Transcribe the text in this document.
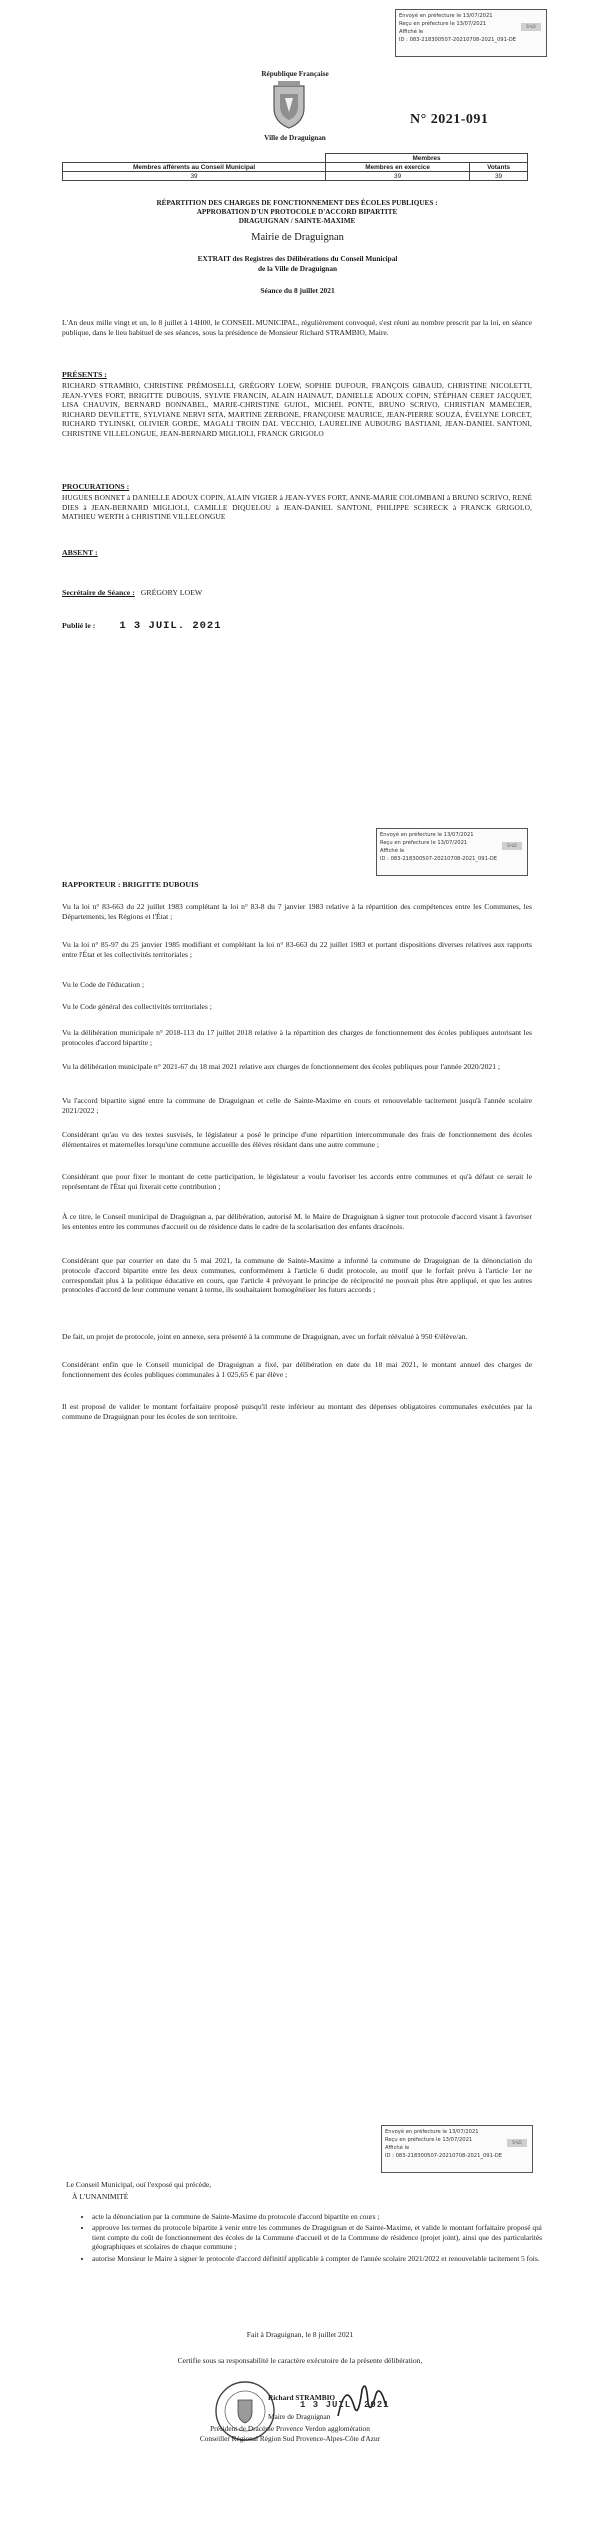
Envoyé en préfecture le 13/07/2021
Reçu en préfecture le 13/07/2021
Affiché le
ID : 083-218300507-20210708-2021_091-DE
S²LO
République Française
Ville de Draguignan
N° 2021-091
	Membres	
Membres afférents au Conseil Municipal	Membres en exercice	Votants
39	39	39
RÉPARTITION DES CHARGES DE FONCTIONNEMENT DES ÉCOLES PUBLIQUES :
APPROBATION D'UN PROTOCOLE D'ACCORD BIPARTITE
DRAGUIGNAN / SAINTE-MAXIME
Mairie de Draguignan
EXTRAIT des Registres des Délibérations du Conseil Municipal
de la Ville de Draguignan
Séance du 8 juillet 2021
L'An deux mille vingt et un, le 8 juillet à 14H00, le CONSEIL MUNICIPAL, régulièrement convoqué, s'est réuni au nombre prescrit par la loi, en séance publique, dans le lieu habituel de ses séances, sous la présidence de Monsieur Richard STRAMBIO, Maire.
PRÉSENTS :
RICHARD STRAMBIO, CHRISTINE PRÉMOSELLI, GRÉGORY LOEW, SOPHIE DUFOUR, FRANÇOIS GIBAUD, CHRISTINE NICOLETTI, JEAN-YVES FORT, BRIGITTE DUBOUIS, SYLVIE FRANCIN, ALAIN HAINAUT, DANIELLE ADOUX COPIN, STÉPHAN CERET JACQUET, LISA CHAUVIN, BERNARD BONNABEL, MARIE-CHRISTINE GUIOL, MICHEL PONTE, BRUNO SCRIVO, CHRISTIAN MAMECIER, RICHARD DEVILETTE, SYLVIANE NERVI SITA, MARTINE ZERBONE, FRANÇOISE MAURICE, JEAN-PIERRE SOUZA, ÉVELYNE LORCET, RICHARD TYLINSKI, OLIVIER GORDE, MAGALI TROIN DAL VECCHIO, LAURELINE AUBOURG BASTIANI, JEAN-DANIEL SANTONI, CHRISTINE VILLELONGUE, JEAN-BERNARD MIGLIOLI, FRANCK GRIGOLO
PROCURATIONS :
HUGUES BONNET à DANIELLE ADOUX COPIN, ALAIN VIGIER à JEAN-YVES FORT, ANNE-MARIE COLOMBANI à BRUNO SCRIVO, RENÉ DIES à JEAN-BERNARD MIGLIOLI, CAMILLE DIQUELOU à JEAN-DANIEL SANTONI, PHILIPPE SCHRECK à FRANCK GRIGOLO, MATHIEU WERTH à CHRISTINE VILLELONGUE
ABSENT :
Secrétaire de Séance : GRÉGORY LOEW
Publié le : 1 3 JUIL. 2021
Envoyé en préfecture le 13/07/2021
Reçu en préfecture le 13/07/2021
Affiché le
ID : 083-218300507-20210708-2021_091-DE
S²LO
RAPPORTEUR : BRIGITTE DUBOUIS
Vu la loi n° 83-663 du 22 juillet 1983 complétant la loi n° 83-8 du 7 janvier 1983 relative à la répartition des compétences entre les Communes, les Départements, les Régions et l'État ;
Vu la loi n° 85-97 du 25 janvier 1985 modifiant et complétant la loi n° 83-663 du 22 juillet 1983 et portant dispositions diverses relatives aux rapports entre l'État et les collectivités territoriales ;
Vu le Code de l'éducation ;
Vu le Code général des collectivités territoriales ;
Vu la délibération municipale n° 2018-113 du 17 juillet 2018 relative à la répartition des charges de fonctionnement des écoles publiques autorisant les protocoles d'accord bipartite ;
Vu la délibération municipale n° 2021-67 du 18 mai 2021 relative aux charges de fonctionnement des écoles publiques pour l'année 2020/2021 ;
Vu l'accord bipartite signé entre la commune de Draguignan et celle de Sainte-Maxime en cours et renouvelable tacitement jusqu'à l'année scolaire 2021/2022 ;
Considérant qu'au vu des textes susvisés, le législateur a posé le principe d'une répartition intercommunale des frais de fonctionnement des écoles élémentaires et maternelles lorsqu'une commune accueille des élèves résidant dans une autre commune ;
Considérant que pour fixer le montant de cette participation, le législateur a voulu favoriser les accords entre communes et qu'à défaut ce serait le représentant de l'État qui fixerait cette contribution ;
À ce titre, le Conseil municipal de Draguignan a, par délibération, autorisé M. le Maire de Draguignan à signer tout protocole d'accord visant à favoriser les ententes entre les communes d'accueil ou de résidence dans le cadre de la scolarisation des enfants dracénois.
Considérant que par courrier en date du 5 mai 2021, la commune de Sainte-Maxime a informé la commune de Draguignan de la dénonciation du protocole d'accord bipartite entre les deux communes, conformément à l'article 6 dudit protocole, au motif que le forfait prévu à l'article 1er ne correspondait plus à la politique éducative en cours, que l'article 4 prévoyant le principe de réciprocité ne pouvait plus être appliqué, et que les autres protocoles d'accord de leur commune venant à terme, ils souhaitaient homogénéiser les futurs accords ;
De fait, un projet de protocole, joint en annexe, sera présenté à la commune de Draguignan, avec un forfait réévalué à 950 €/élève/an.
Considérant enfin que le Conseil municipal de Draguignan a fixé, par délibération en date du 18 mai 2021, le montant annuel des charges de fonctionnement des écoles publiques communales à 1 025,65 € par élève ;
Il est proposé de valider le montant forfaitaire proposé puisqu'il reste inférieur au montant des dépenses obligatoires communales exécutées par la commune de Draguignan pour les écoles de son territoire.
Envoyé en préfecture le 13/07/2021
Reçu en préfecture le 13/07/2021
Affiché le
ID : 083-218300507-20210708-2021_091-DE
S²LO
Le Conseil Municipal, ouï l'exposé qui précède,
À L'UNANIMITÉ
• acte la dénonciation par la commune de Sainte-Maxime du protocole d'accord bipartite en cours ;
• approuve les termes du protocole bipartite à venir entre les communes de Draguignan et de Sainte-Maxime, et valide le montant forfaitaire proposé qui tient compte du coût de fonctionnement des écoles de la Commune d'accueil et de la Commune de résidence (projet joint), ainsi que des particularités géographiques et scolaires de chaque commune ;
• autorise Monsieur le Maire à signer le protocole d'accord définitif applicable à compter de l'année scolaire 2021/2022 et renouvelable tacitement 5 fois.
Fait à Draguignan, le 8 juillet 2021
Certifie sous sa responsabilité le caractère exécutoire de la présente délibération,
Richard STRAMBIO
Maire de Draguignan
1 3 JUIL. 2021
Président de Dracénie Provence Verdon agglomération
Conseiller Régional Région Sud Provence-Alpes-Côte d'Azur
